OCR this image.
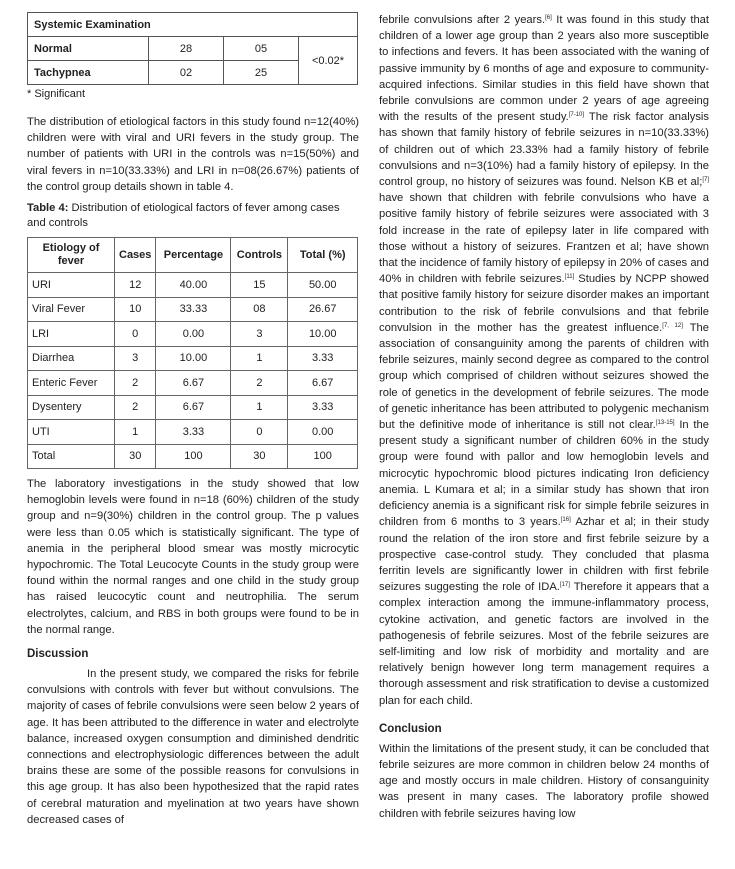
Systemic Examination			
Normal	28	05	<0.02*
Tachypnea	02	25	
* Significant

The distribution of etiological factors in this study found n=12(40%) children were with viral and URI fevers in the study group. The number of patients with URI in the controls was n=15(50%) and viral fevers in n=10(33.33%) and LRI in n=08(26.67%) patients of the control group details shown in table 4.

Table 4: Distribution of etiological factors of fever among cases and controls
Etiology of fever	Cases	Percentage	Controls	Total (%)
URI	12	40.00	15	50.00
Viral Fever	10	33.33	08	26.67
LRI	0	0.00	3	10.00
Diarrhea	3	10.00	1	3.33
Enteric Fever	2	6.67	2	6.67
Dysentery	2	6.67	1	3.33
UTI	1	3.33	0	0.00
Total	30	100	30	100

The laboratory investigations in the study showed that low hemoglobin levels were found in n=18 (60%) children of the study group and n=9(30%) children in the control group. The p values were less than 0.05 which is statistically significant. The type of anemia in the peripheral blood smear was mostly microcytic hypochromic. The Total Leucocyte Counts in the study group were found within the normal ranges and one child in the study group has raised leucocytic count and neutrophilia. The serum electrolytes, calcium, and RBS in both groups were found to be in the normal range.

Discussion

In the present study, we compared the risks for febrile convulsions with controls with fever but without convulsions. The majority of cases of febrile convulsions were seen below 2 years of age. It has been attributed to the difference in water and electrolyte balance, increased oxygen consumption and diminished dendritic connections and electrophysiologic differences between the adult brains these are some of the possible reasons for convulsions in this age group. It has also been hypothesized that the rapid rates of cerebral maturation and myelination at two years have shown decreased cases of

febrile convulsions after 2 years.[6] It was found in this study that children of a lower age group than 2 years also more susceptible to infections and fevers. It has been associated with the waning of passive immunity by 6 months of age and exposure to community-acquired infections. Similar studies in this field have shown that febrile convulsions are common under 2 years of age agreeing with the results of the present study.[7-10] The risk factor analysis has shown that family history of febrile seizures in n=10(33.33%) of children out of which 23.33% had a family history of febrile convulsions and n=3(10%) had a family history of epilepsy. In the control group, no history of seizures was found. Nelson KB et al;[7] have shown that children with febrile convulsions who have a positive family history of febrile seizures were associated with 3 fold increase in the rate of epilepsy later in life compared with those without a history of seizures. Frantzen et al; have shown that the incidence of family history of epilepsy in 20% of cases and 40% in children with febrile seizures.[11] Studies by NCPP showed that positive family history for seizure disorder makes an important contribution to the risk of febrile convulsions and that febrile convulsion in the mother has the greatest influence.[7, 12] The association of consanguinity among the parents of children with febrile seizures, mainly second degree as compared to the control group which comprised of children without seizures showed the role of genetics in the development of febrile seizures. The mode of genetic inheritance has been attributed to polygenic mechanism but the definitive mode of inheritance is still not clear.[13-15] In the present study a significant number of children 60% in the study group were found with pallor and low hemoglobin levels and microcytic hypochromic blood pictures indicating Iron deficiency anemia. L Kumara et al; in a similar study has shown that iron deficiency anemia is a significant risk for simple febrile seizures in children from 6 months to 3 years.[16] Azhar et al; in their study round the relation of the iron store and first febrile seizure by a prospective case-control study. They concluded that plasma ferritin levels are significantly lower in children with first febrile seizures suggesting the role of IDA.[17] Therefore it appears that a complex interaction among the immune-inflammatory process, cytokine activation, and genetic factors are involved in the pathogenesis of febrile seizures. Most of the febrile seizures are self-limiting and low risk of morbidity and mortality and are relatively benign however long term management requires a thorough assessment and risk stratification to devise a customized plan for each child.

Conclusion

Within the limitations of the present study, it can be concluded that febrile seizures are more common in children below 24 months of age and mostly occurs in male children. History of consanguinity was present in many cases. The laboratory profile showed children with febrile seizures having low
